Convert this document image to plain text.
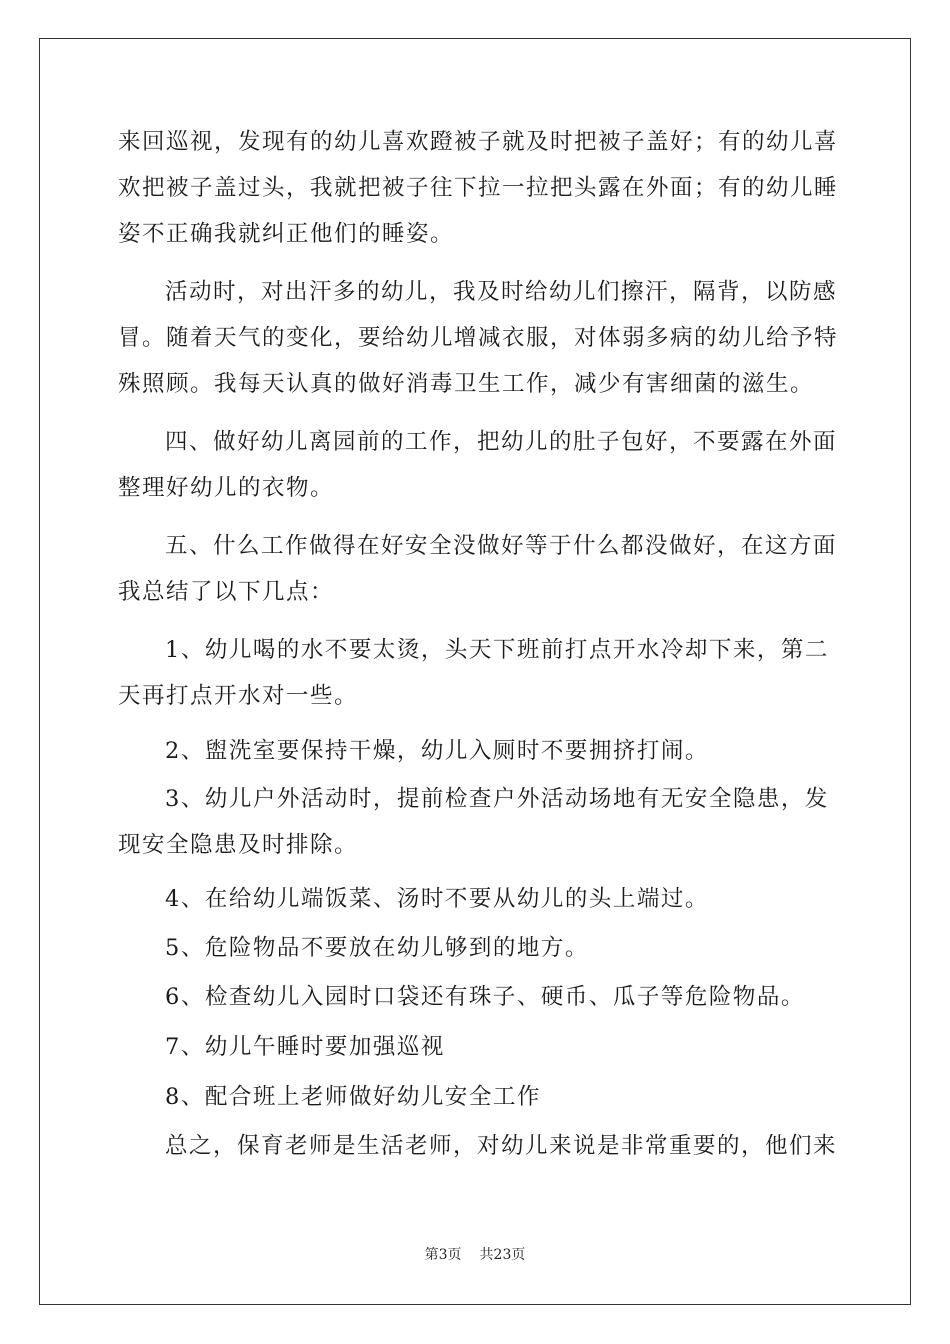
来回巡视，发现有的幼儿喜欢蹬被子就及时把被子盖好；有的幼儿喜
欢把被子盖过头，我就把被子往下拉一拉把头露在外面；有的幼儿睡
姿不正确我就纠正他们的睡姿。
活动时，对出汗多的幼儿，我及时给幼儿们擦汗，隔背，以防感
冒。随着天气的变化，要给幼儿增减衣服，对体弱多病的幼儿给予特
殊照顾。我每天认真的做好消毒卫生工作，减少有害细菌的滋生。
四、做好幼儿离园前的工作，把幼儿的肚子包好，不要露在外面
整理好幼儿的衣物。
五、什么工作做得在好安全没做好等于什么都没做好，在这方面
我总结了以下几点：
1、幼儿喝的水不要太烫，头天下班前打点开水冷却下来，第二
天再打点开水对一些。
2、盥洗室要保持干燥，幼儿入厕时不要拥挤打闹。
3、幼儿户外活动时，提前检查户外活动场地有无安全隐患，发
现安全隐患及时排除。
4、在给幼儿端饭菜、汤时不要从幼儿的头上端过。
5、危险物品不要放在幼儿够到的地方。
6、检查幼儿入园时口袋还有珠子、硬币、瓜子等危险物品。
7、幼儿午睡时要加强巡视
8、配合班上老师做好幼儿安全工作
总之，保育老师是生活老师，对幼儿来说是非常重要的，他们来
第3页 共23页
